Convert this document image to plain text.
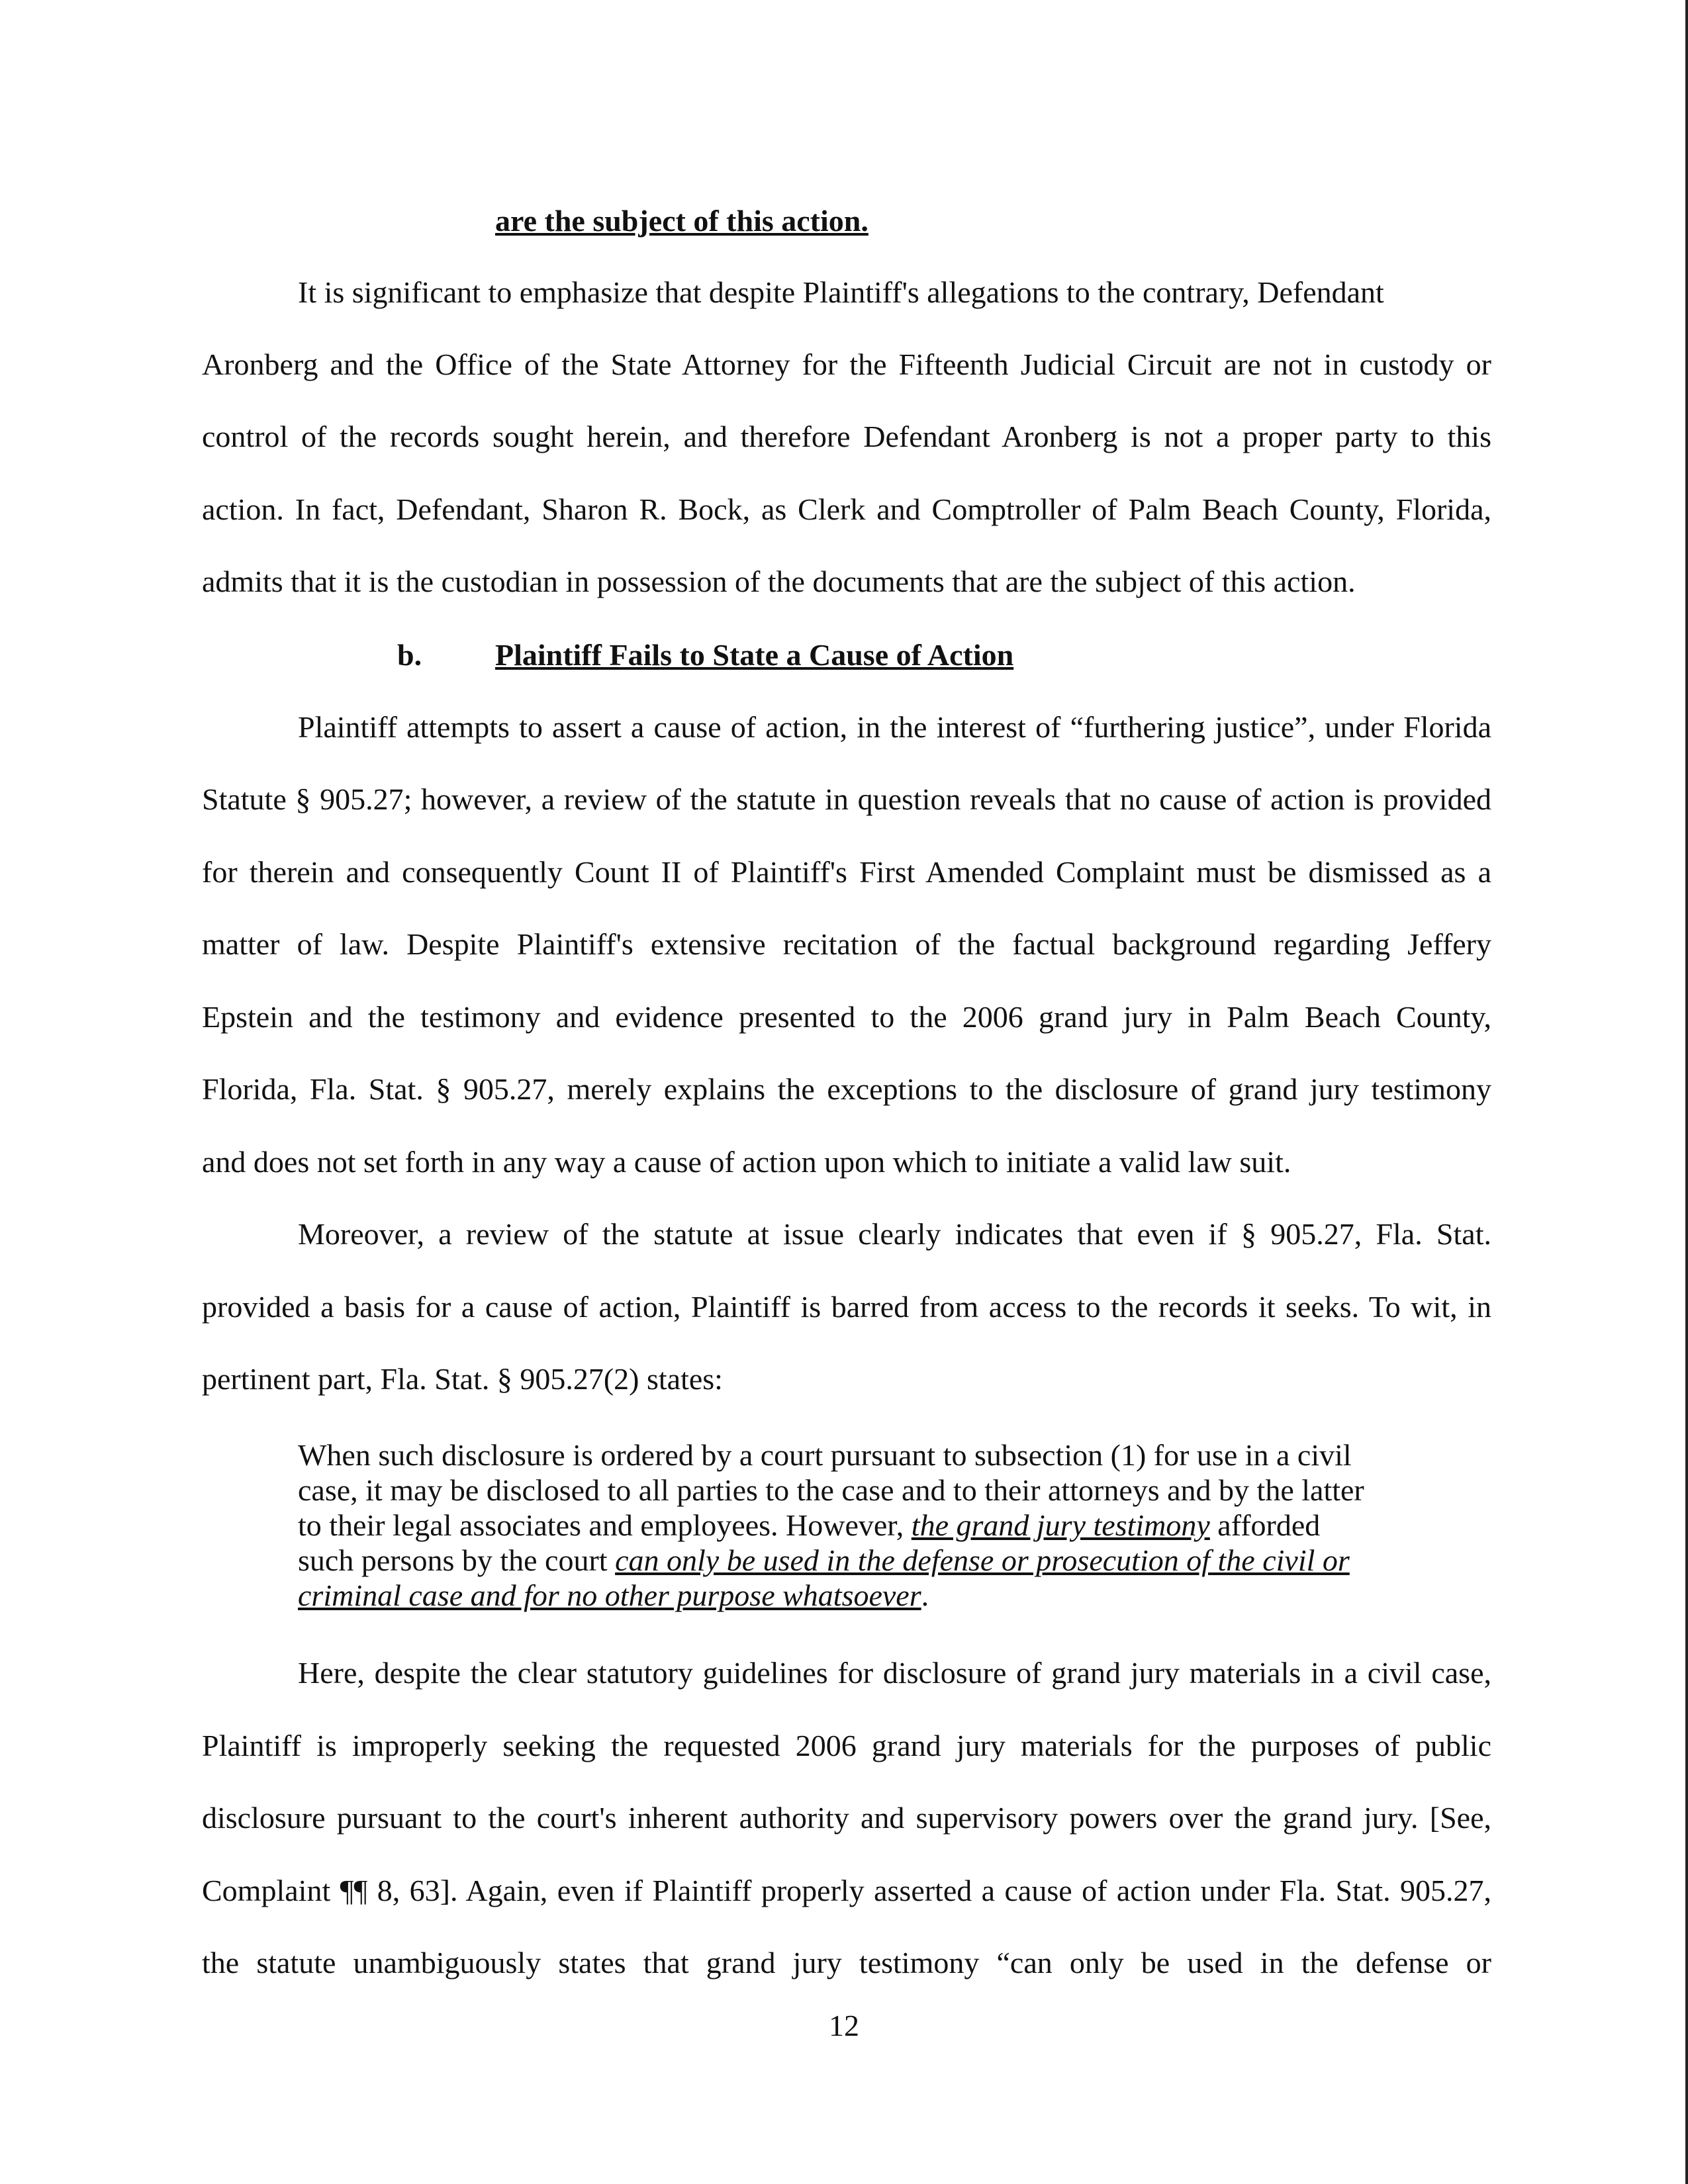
are the subject of this action.
It is significant to emphasize that despite Plaintiff's allegations to the contrary, Defendant
Aronberg and the Office of the State Attorney for the Fifteenth Judicial Circuit are not in custody or
control of the records sought herein, and therefore Defendant Aronberg is not a proper party to this
action. In fact, Defendant, Sharon R. Bock, as Clerk and Comptroller of Palm Beach County, Florida,
admits that it is the custodian in possession of the documents that are the subject of this action.
b. Plaintiff Fails to State a Cause of Action
Plaintiff attempts to assert a cause of action, in the interest of “furthering justice”, under Florida
Statute § 905.27; however, a review of the statute in question reveals that no cause of action is provided
for therein and consequently Count II of Plaintiff's First Amended Complaint must be dismissed as a
matter of law. Despite Plaintiff's extensive recitation of the factual background regarding Jeffery
Epstein and the testimony and evidence presented to the 2006 grand jury in Palm Beach County,
Florida, Fla. Stat. § 905.27, merely explains the exceptions to the disclosure of grand jury testimony
and does not set forth in any way a cause of action upon which to initiate a valid law suit.
Moreover, a review of the statute at issue clearly indicates that even if § 905.27, Fla. Stat.
provided a basis for a cause of action, Plaintiff is barred from access to the records it seeks. To wit, in
pertinent part, Fla. Stat. § 905.27(2) states:
When such disclosure is ordered by a court pursuant to subsection (1) for use in a civil
case, it may be disclosed to all parties to the case and to their attorneys and by the latter
to their legal associates and employees. However, the grand jury testimony afforded
such persons by the court can only be used in the defense or prosecution of the civil or
criminal case and for no other purpose whatsoever.
Here, despite the clear statutory guidelines for disclosure of grand jury materials in a civil case,
Plaintiff is improperly seeking the requested 2006 grand jury materials for the purposes of public
disclosure pursuant to the court's inherent authority and supervisory powers over the grand jury. [See,
Complaint ¶¶ 8, 63]. Again, even if Plaintiff properly asserted a cause of action under Fla. Stat. 905.27,
the statute unambiguously states that grand jury testimony “can only be used in the defense or
12
